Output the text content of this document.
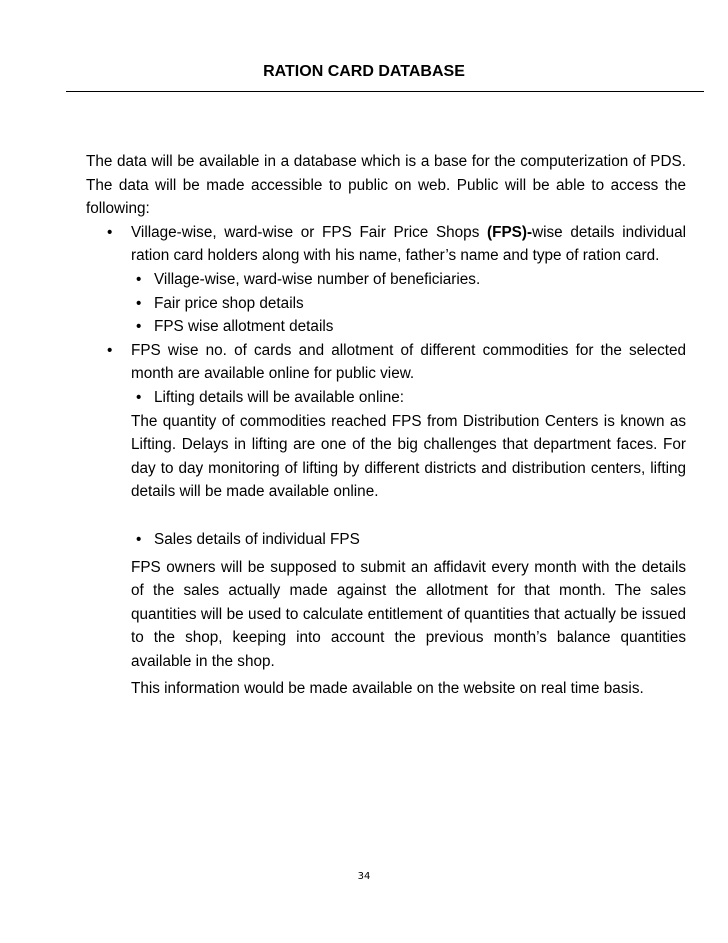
RATION CARD DATABASE

The data will be available in a database which is a base for the computerization of PDS. The data will be made accessible to public on web. Public will be able to access the following:

• Village-wise, ward-wise or FPS Fair Price Shops (FPS)-wise details individual ration card holders along with his name, father’s name and type of ration card.
• Village-wise, ward-wise number of beneficiaries.
• Fair price shop details
• FPS wise allotment details
• FPS wise no. of cards and allotment of different commodities for the selected month are available online for public view.
• Lifting details will be available online:

The quantity of commodities reached FPS from Distribution Centers is known as Lifting. Delays in lifting are one of the big challenges that department faces. For day to day monitoring of lifting by different districts and distribution centers, lifting details will be made available online.

• Sales details of individual FPS

FPS owners will be supposed to submit an affidavit every month with the details of the sales actually made against the allotment for that month. The sales quantities will be used to calculate entitlement of quantities that actually be issued to the shop, keeping into account the previous month’s balance quantities available in the shop.

This information would be made available on the website on real time basis.

34
